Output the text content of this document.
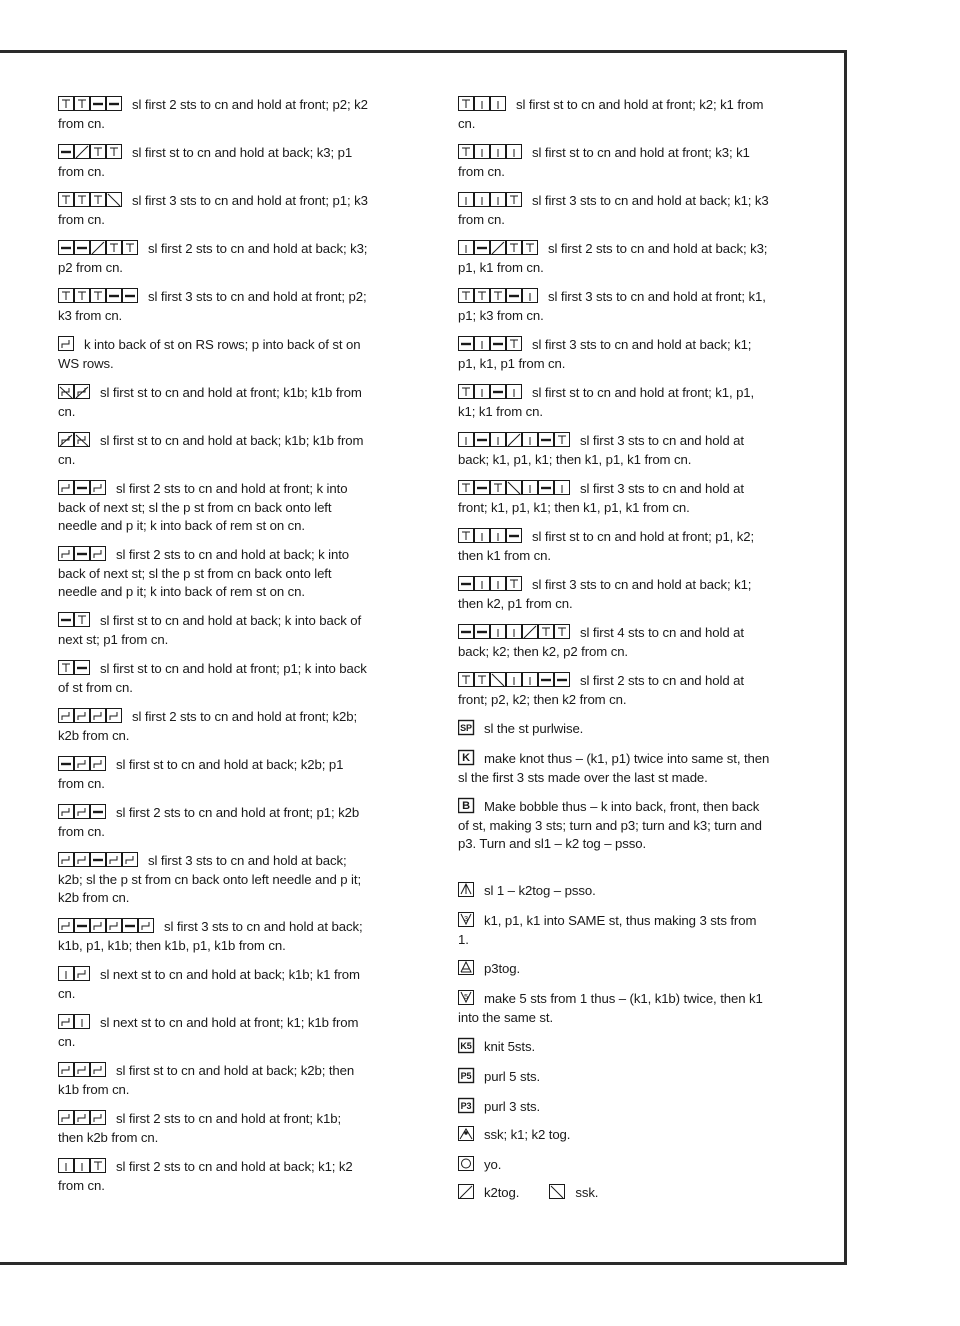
sl first 2 sts to cn and hold at front; p2; k2 from cn.
sl first st to cn and hold at back; k3; p1 from cn.
sl first 3 sts to cn and hold at front; p1; k3 from cn.
sl first 2 sts to cn and hold at back; k3; p2 from cn.
sl first 3 sts to cn and hold at front; p2; k3 from cn.
k into back of st on RS rows; p into back of st on WS rows.
sl first st to cn and hold at front; k1b; k1b from cn.
sl first st to cn and hold at back; k1b; k1b from cn.
sl first 2 sts to cn and hold at front; k into back of next st; sl the p st from cn back onto left needle and p it; k into back of rem st on cn.
sl first 2 sts to cn and hold at back; k into back of next st; sl the p st from cn back onto left needle and p it; k into back of rem st on cn.
sl first st to cn and hold at back; k into back of next st; p1 from cn.
sl first st to cn and hold at front; p1; k into back of st from cn.
sl first 2 sts to cn and hold at front; k2b; k2b from cn.
sl first st to cn and hold at back; k2b; p1 from cn.
sl first 2 sts to cn and hold at front; p1; k2b from cn.
sl first 3 sts to cn and hold at back; k2b; sl the p st from cn back onto left needle and p it; k2b from cn.
sl first 3 sts to cn and hold at back; k1b, p1, k1b; then k1b, p1, k1b from cn.
sl next st to cn and hold at back; k1b; k1 from cn.
sl next st to cn and hold at front; k1; k1b from cn.
sl first st to cn and hold at back; k2b; then k1b from cn.
sl first 2 sts to cn and hold at front; k1b; then k2b from cn.
sl first 2 sts to cn and hold at back; k1; k2 from cn.
sl first st to cn and hold at front; k2; k1 from cn.
sl first st to cn and hold at front; k3; k1 from cn.
sl first 3 sts to cn and hold at back; k1; k3 from cn.
sl first 2 sts to cn and hold at back; k3; p1, k1 from cn.
sl first 3 sts to cn and hold at front; k1, p1; k3 from cn.
sl first 3 sts to cn and hold at back; k1; p1, k1, p1 from cn.
sl first st to cn and hold at front; k1, p1, k1; k1 from cn.
sl first 3 sts to cn and hold at back; k1, p1, k1; then k1, p1, k1 from cn.
sl first 3 sts to cn and hold at front; k1, p1, k1; then k1, p1, k1 from cn.
sl first st to cn and hold at front; p1, k2; then k1 from cn.
sl first 3 sts to cn and hold at back; k1; then k2, p1 from cn.
sl first 4 sts to cn and hold at back; k2; then k2, p2 from cn.
sl first 2 sts to cn and hold at front; p2, k2; then k2 from cn.
SP sl the st purlwise.
K make knot thus – (k1, p1) twice into same st, then sl the first 3 sts made over the last st made.
B Make bobble thus – k into back, front, then back of st, making 3 sts; turn and p3; turn and k3; turn and p3. Turn and sl1 – k2 tog – psso.
sl 1 – k2tog – psso.
3 k1, p1, k1 into SAME st, thus making 3 sts from 1.
p3tog.
5 make 5 sts from 1 thus – (k1, k1b) twice, then k1 into the same st.
K5 knit 5sts.
P5 purl 5 sts.
P3 purl 3 sts.
ssk; k1; k2 tog.
yo.
k2tog.	ssk.
